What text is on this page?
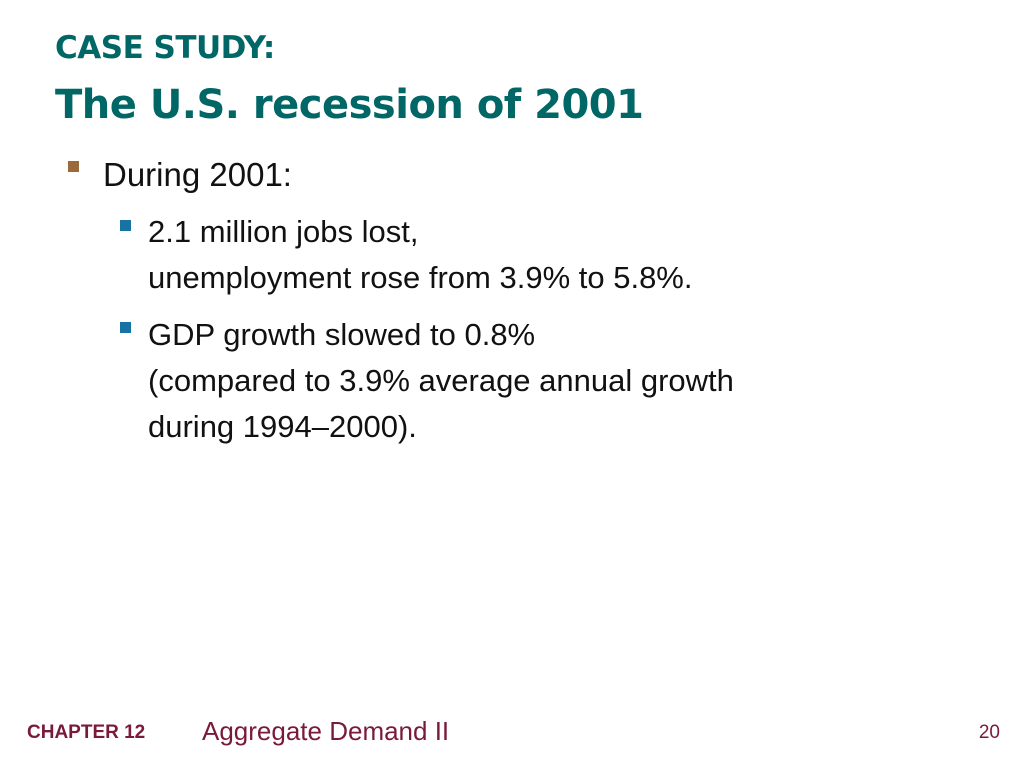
CASE STUDY:
The U.S. recession of 2001
During 2001:
2.1 million jobs lost,
unemployment rose from 3.9% to 5.8%.
GDP growth slowed to 0.8%
(compared to 3.9% average annual growth
during 1994–2000).
CHAPTER 12 Aggregate Demand II	20
